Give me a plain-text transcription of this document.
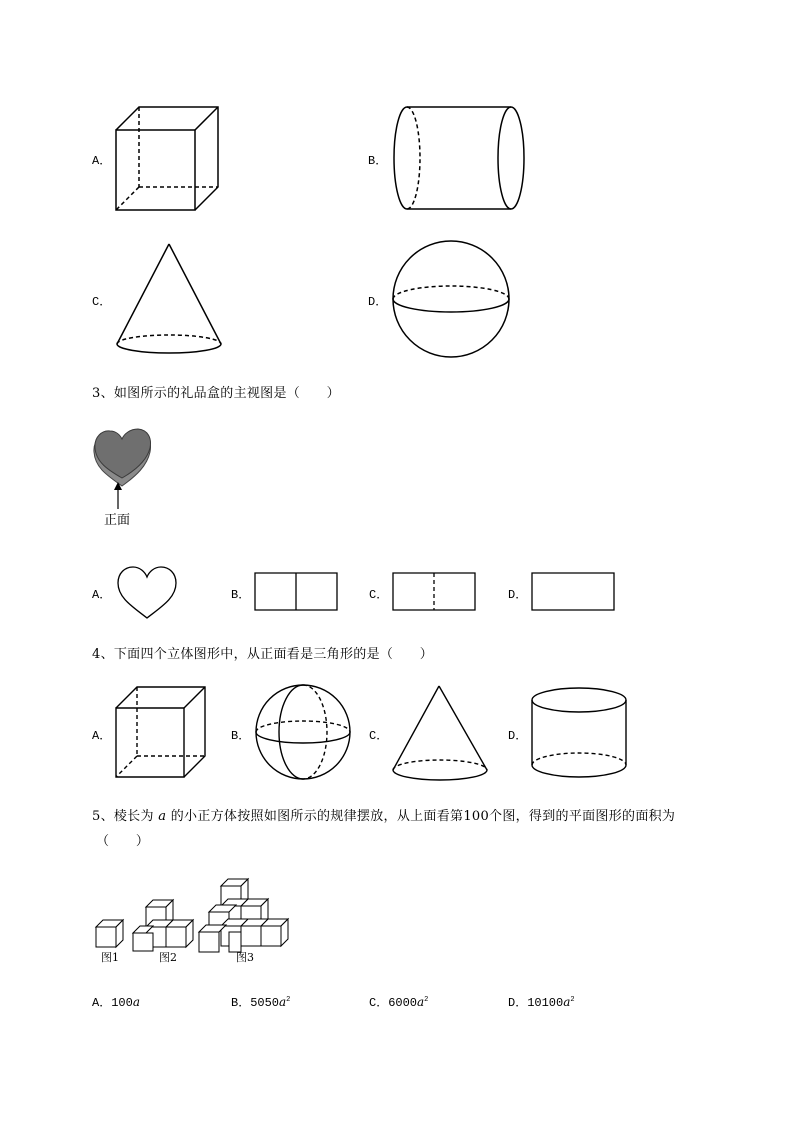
A．	B．
C．	D．
3、如图所示的礼品盒的主视图是（　　）
正面
A．	B．	C．	D．
4、下面四个立体图形中，从正面看是三角形的是（　　）
A．	B．	C．	D．
5、棱长为 a 的小正方体按照如图所示的规律摆放，从上面看第100个图，得到的平面图形的面积为
（　　）
图1	图2	图3
A．100a	B．$5050a^2$	C．$6000a^2$	D．$10100a^2$
